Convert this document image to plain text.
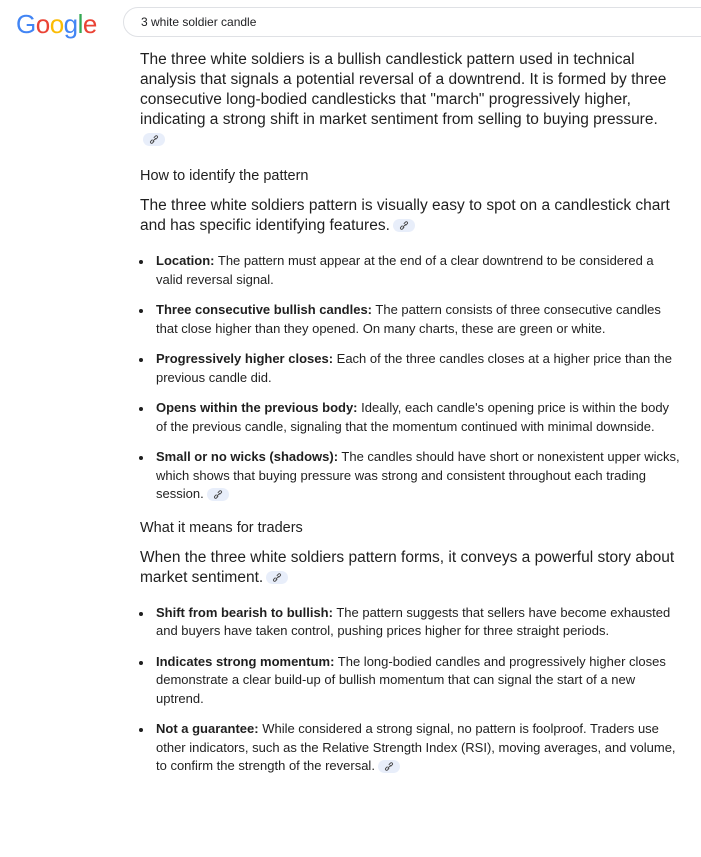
Google	3 white soldier candle

The three white soldiers is a bullish candlestick pattern used in technical analysis that signals a potential reversal of a downtrend. It is formed by three consecutive long-bodied candlesticks that "march" progressively higher, indicating a strong shift in market sentiment from selling to buying pressure.

How to identify the pattern

The three white soldiers pattern is visually easy to spot on a candlestick chart and has specific identifying features.

Location: The pattern must appear at the end of a clear downtrend to be considered a valid reversal signal.
Three consecutive bullish candles: The pattern consists of three consecutive candles that close higher than they opened. On many charts, these are green or white.
Progressively higher closes: Each of the three candles closes at a higher price than the previous candle did.
Opens within the previous body: Ideally, each candle's opening price is within the body of the previous candle, signaling that the momentum continued with minimal downside.
Small or no wicks (shadows): The candles should have short or nonexistent upper wicks, which shows that buying pressure was strong and consistent throughout each trading session.
What it means for traders

When the three white soldiers pattern forms, it conveys a powerful story about market sentiment.

Shift from bearish to bullish: The pattern suggests that sellers have become exhausted and buyers have taken control, pushing prices higher for three straight periods.
Indicates strong momentum: The long-bodied candles and progressively higher closes demonstrate a clear build-up of bullish momentum that can signal the start of a new uptrend.
Not a guarantee: While considered a strong signal, no pattern is foolproof. Traders use other indicators, such as the Relative Strength Index (RSI), moving averages, and volume, to confirm the strength of the reversal.
